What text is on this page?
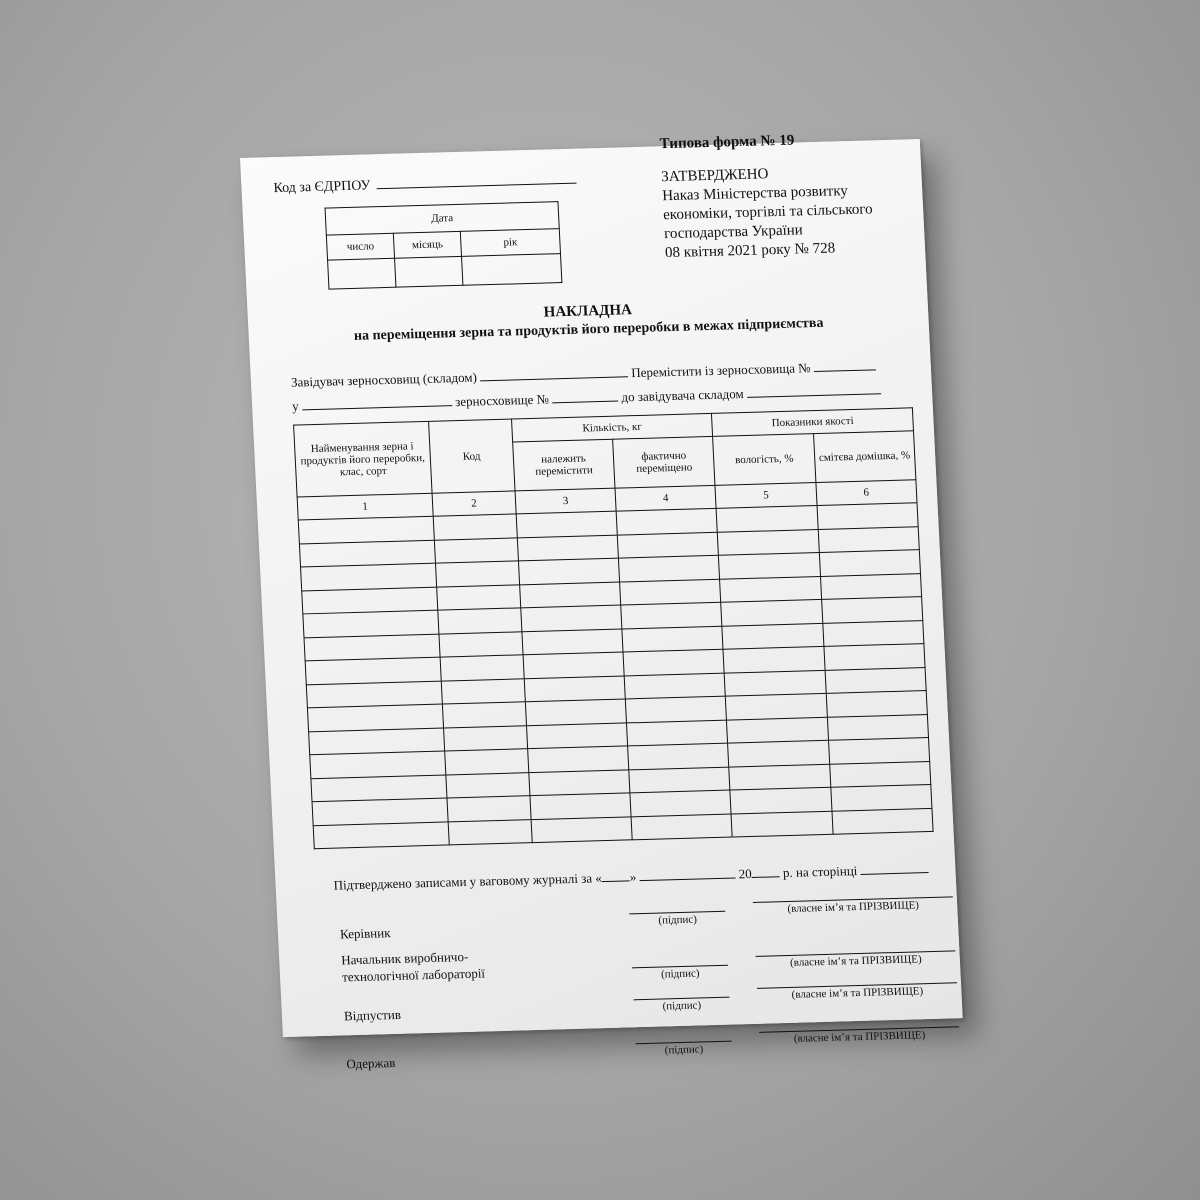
Типова форма № 19
Код за ЄДРПОУ
ЗАТВЕРДЖЕНО
Наказ Міністерства розвитку
економіки, торгівлі та сільського
господарства України
08 квітня 2021 року № 728
Дата		
число	місяць	рік

НАКЛАДНА
на переміщення зерна та продуктів його переробки в межах підприємства
Завідувач зерносховищ (складом)	Перемістити із зерносховища №
у	зерносховище №	до завідувача складом
Найменування зерна і продуктів його переробки, клас, сорт	Код	Кількість, кг		Показники якості	
		належить перемістити	фактично переміщено	вологість, %	смітєва домішка, %
1	2	3	4	5	6

Підтверджено записами у ваговому журналі за « »	20 р. на сторінці
Керівник
(підпис)
(власне ім’я та ПРІЗВИЩЕ)
Начальник виробничо-
технологічної лабораторії	(підпис)
(власне ім’я та ПРІЗВИЩЕ)
Відпустив
(підпис)
(власне ім’я та ПРІЗВИЩЕ)
Одержав
(підпис)
(власне ім’я та ПРІЗВИЩЕ)
